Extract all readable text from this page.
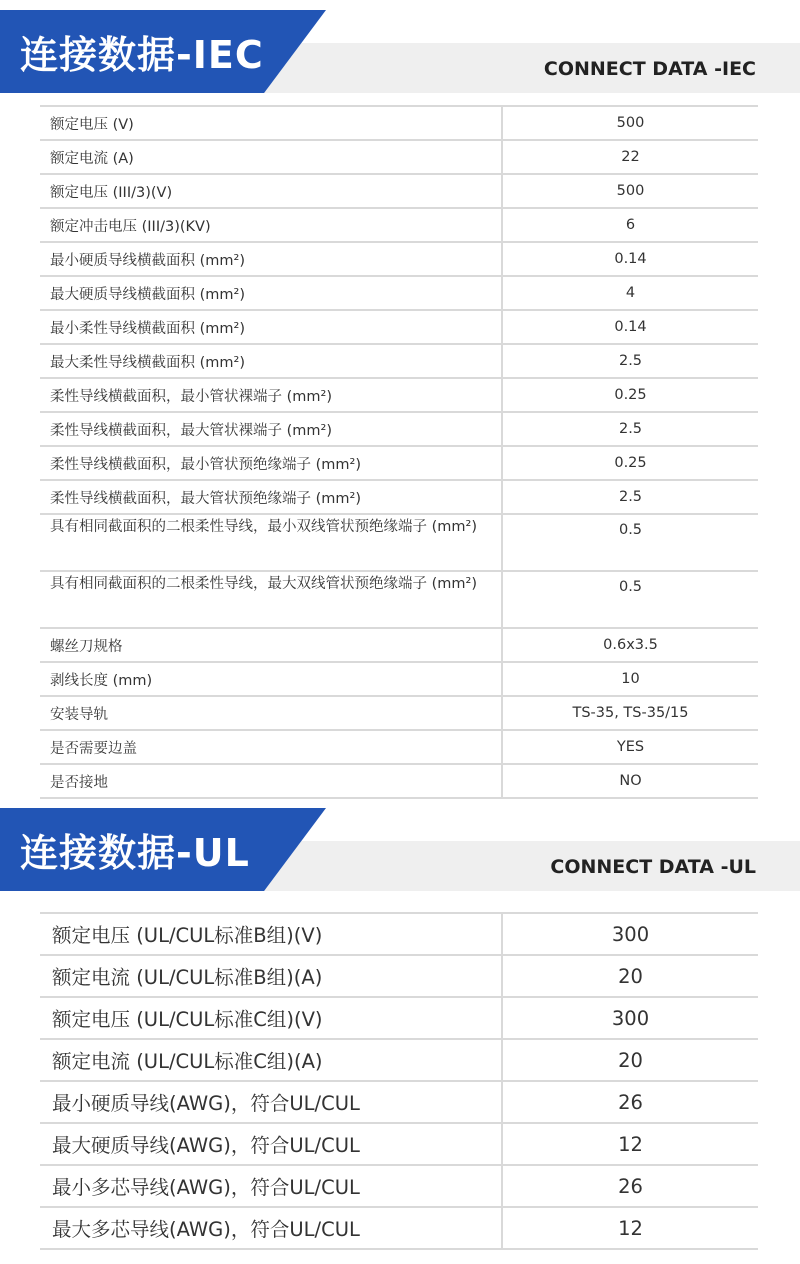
连接数据-IEC	CONNECT DATA -IEC
额定电压 (V)	500
额定电流 (A)	22
额定电压 (III/3)(V)	500
额定冲击电压 (III/3)(KV)	6
最小硬质导线横截面积 (mm²)	0.14
最大硬质导线横截面积 (mm²)	4
最小柔性导线横截面积 (mm²)	0.14
最大柔性导线横截面积 (mm²)	2.5
柔性导线横截面积，最小管状裸端子 (mm²)	0.25
柔性导线横截面积，最大管状裸端子 (mm²)	2.5
柔性导线横截面积，最小管状预绝缘端子 (mm²)	0.25
柔性导线横截面积，最大管状预绝缘端子 (mm²)	2.5
具有相同截面积的二根柔性导线，最小双线管状预绝缘端子 (mm²)	0.5
具有相同截面积的二根柔性导线，最大双线管状预绝缘端子 (mm²)	0.5
螺丝刀规格	0.6x3.5
剥线长度 (mm)	10
安装导轨	TS-35, TS-35/15
是否需要边盖	YES
是否接地	NO
连接数据-UL	CONNECT DATA -UL
额定电压 (UL/CUL标准B组)(V)	300
额定电流 (UL/CUL标准B组)(A)	20
额定电压 (UL/CUL标准C组)(V)	300
额定电流 (UL/CUL标准C组)(A)	20
最小硬质导线(AWG)，符合UL/CUL	26
最大硬质导线(AWG)，符合UL/CUL	12
最小多芯导线(AWG)，符合UL/CUL	26
最大多芯导线(AWG)，符合UL/CUL	12
